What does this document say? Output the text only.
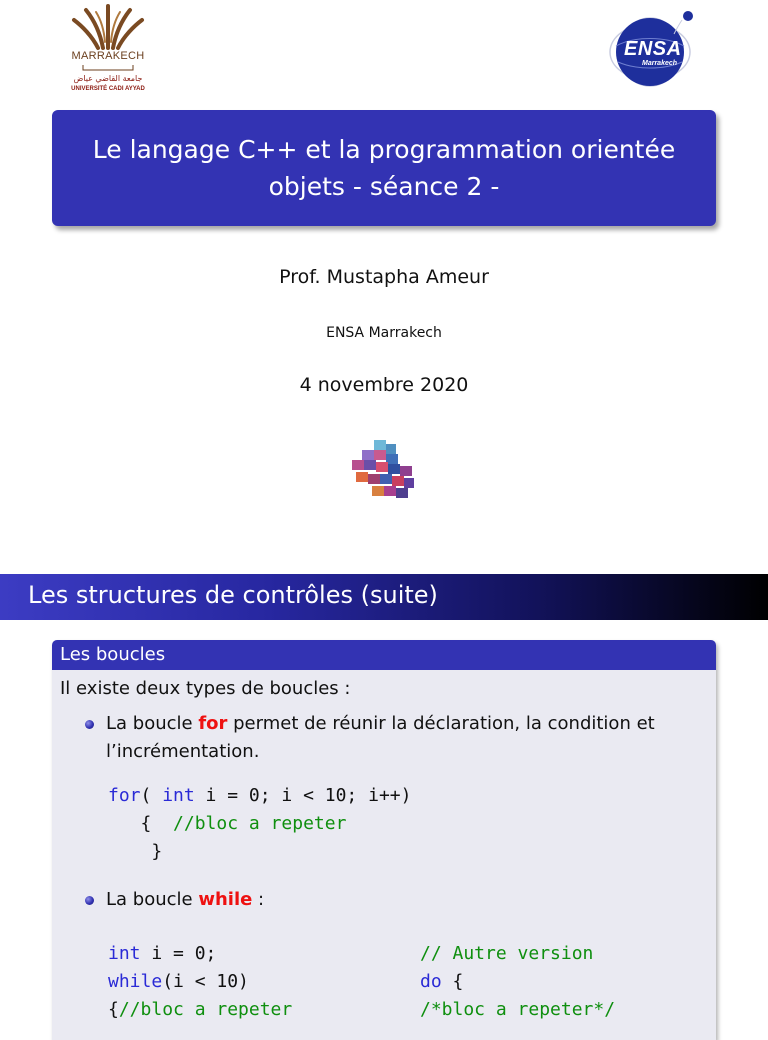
MARRAKECH
جامعة القاضي عياض
UNIVERSITÉ CADI AYYAD
ENSA
Marrakech
Le langage C++ et la programmation orientée objets - séance 2 -
Prof. Mustapha Ameur
ENSA Marrakech
4 novembre 2020
Les structures de contrôles (suite)
Les boucles
Il existe deux types de boucles :
La boucle for permet de réunir la déclaration, la condition et l’incrémentation.
for( int i = 0; i < 10; i++)
{  //bloc a repeter
}
La boucle while :
int i = 0;
while(i < 10)
{//bloc a repeter
// Autre version
do {
/*bloc a repeter*/
